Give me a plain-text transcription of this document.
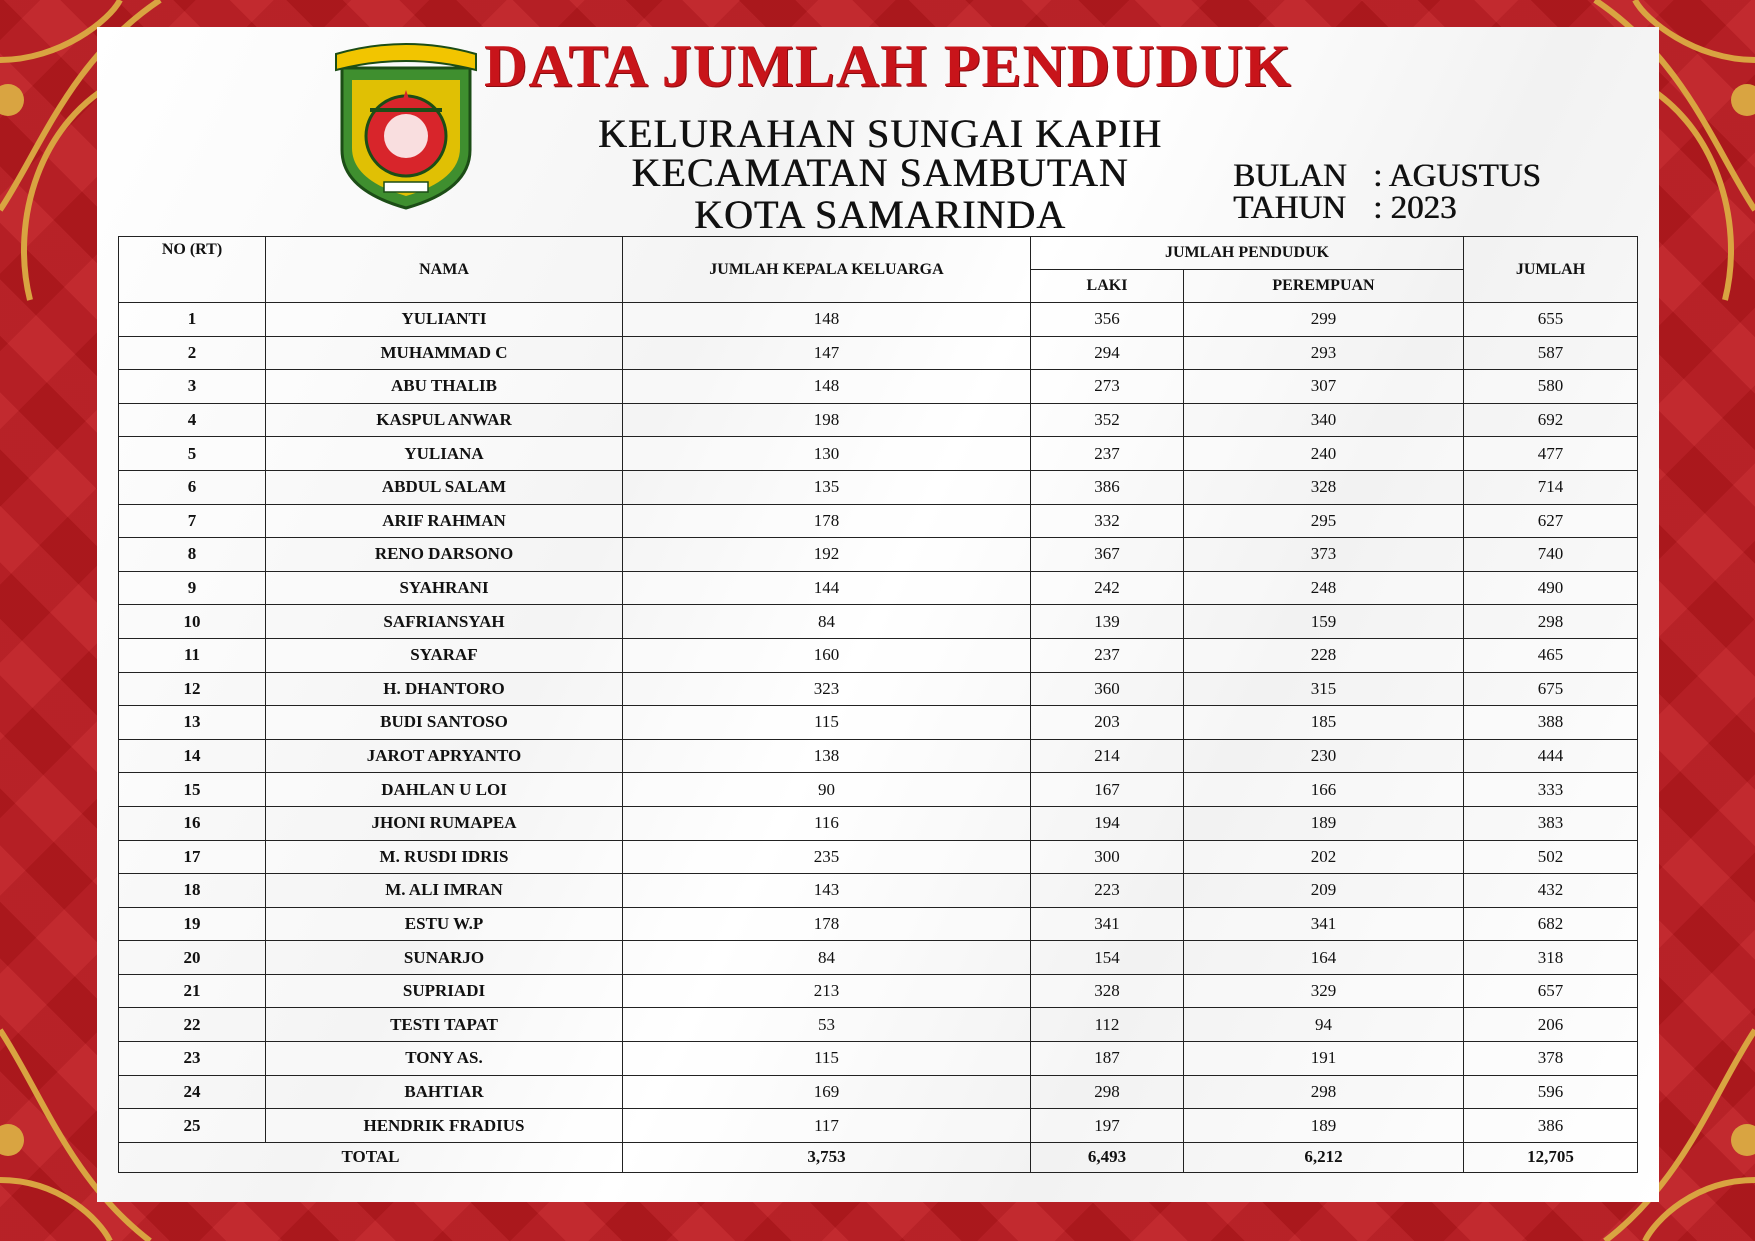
DATA JUMLAH PENDUDUK
KELURAHAN SUNGAI KAPIH
KECAMATAN SAMBUTAN
KOTA SAMARINDA
BULAN : AGUSTUS
TAHUN : 2023
NO (RT)	NAMA	JUMLAH KEPALA KELUARGA	JUMLAH PENDUDUK		JUMLAH
			LAKI	PEREMPUAN	
1	YULIANTI	148	356	299	655
2	MUHAMMAD C	147	294	293	587
3	ABU THALIB	148	273	307	580
4	KASPUL ANWAR	198	352	340	692
5	YULIANA	130	237	240	477
6	ABDUL SALAM	135	386	328	714
7	ARIF RAHMAN	178	332	295	627
8	RENO DARSONO	192	367	373	740
9	SYAHRANI	144	242	248	490
10	SAFRIANSYAH	84	139	159	298
11	SYARAF	160	237	228	465
12	H. DHANTORO	323	360	315	675
13	BUDI SANTOSO	115	203	185	388
14	JAROT APRYANTO	138	214	230	444
15	DAHLAN U LOI	90	167	166	333
16	JHONI RUMAPEA	116	194	189	383
17	M. RUSDI IDRIS	235	300	202	502
18	M. ALI IMRAN	143	223	209	432
19	ESTU W.P	178	341	341	682
20	SUNARJO	84	154	164	318
21	SUPRIADI	213	328	329	657
22	TESTI TAPAT	53	112	94	206
23	TONY AS.	115	187	191	378
24	BAHTIAR	169	298	298	596
25	HENDRIK FRADIUS	117	197	189	386
TOTAL		3,753	6,493	6,212	12,705
